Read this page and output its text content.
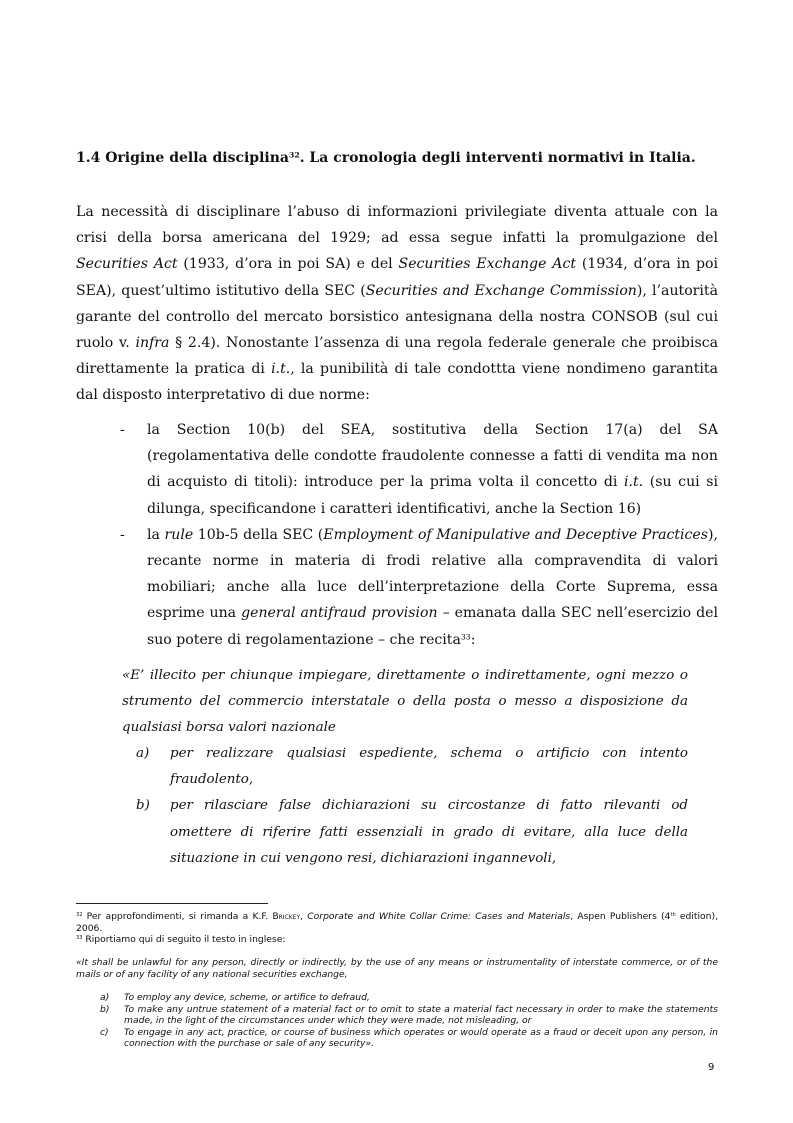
1.4 Origine della disciplina$^{32}$. La cronologia degli interventi normativi in Italia.

La necessità di disciplinare l’abuso di informazioni privilegiate diventa attuale con la crisi della borsa americana del 1929; ad essa segue infatti la promulgazione del Securities Act (1933, d’ora in poi SA) e del Securities Exchange Act (1934, d’ora in poi SEA), quest’ultimo istitutivo della SEC (Securities and Exchange Commission), l’autorità garante del controllo del mercato borsistico antesignana della nostra CONSOB (sul cui ruolo v. infra § 2.4). Nonostante l’assenza di una regola federale generale che proibisca direttamente la pratica di i.t., la punibilità di tale condottta viene nondimeno garantita dal disposto interpretativo di due norme:

- la Section 10(b) del SEA, sostitutiva della Section 17(a) del SA (regolamentativa delle condotte fraudolente connesse a fatti di vendita ma non di acquisto di titoli): introduce per la prima volta il concetto di i.t. (su cui si dilunga, specificandone i caratteri identificativi, anche la Section 16)
- la rule 10b-5 della SEC (Employment of Manipulative and Deceptive Practices), recante norme in materia di frodi relative alla compravendita di valori mobiliari; anche alla luce dell’interpretazione della Corte Suprema, essa esprime una general antifraud provision – emanata dalla SEC nell’esercizio del suo potere di regolamentazione – che recita$^{33}$:

«E’ illecito per chiunque impiegare, direttamente o indirettamente, ogni mezzo o strumento del commercio interstatale o della posta o messo a disposizione da qualsiasi borsa valori nazionale

a) per realizzare qualsiasi espediente, schema o artificio con intento fraudolento,
b) per rilasciare false dichiarazioni su circostanze di fatto rilevanti od omettere di riferire fatti essenziali in grado di evitare, alla luce della situazione in cui vengono resi, dichiarazioni ingannevoli,

$^{32}$ Per approfondimenti, si rimanda a K.F. Brickey, Corporate and White Collar Crime: Cases and Materials, Aspen Publishers (4th edition), 2006.

$^{33}$ Riportiamo qui di seguito il testo in inglese:

«It shall be unlawful for any person, directly or indirectly, by the use of any means or instrumentality of interstate commerce, or of the mails or of any facility of any national securities exchange,

a) To employ any device, scheme, or artifice to defraud,
b) To make any untrue statement of a material fact or to omit to state a material fact necessary in order to make the statements made, in the light of the circumstances under which they were made, not misleading, or
c) To engage in any act, practice, or course of business which operates or would operate as a fraud or deceit upon any person, in connection with the purchase or sale of any security».
9
